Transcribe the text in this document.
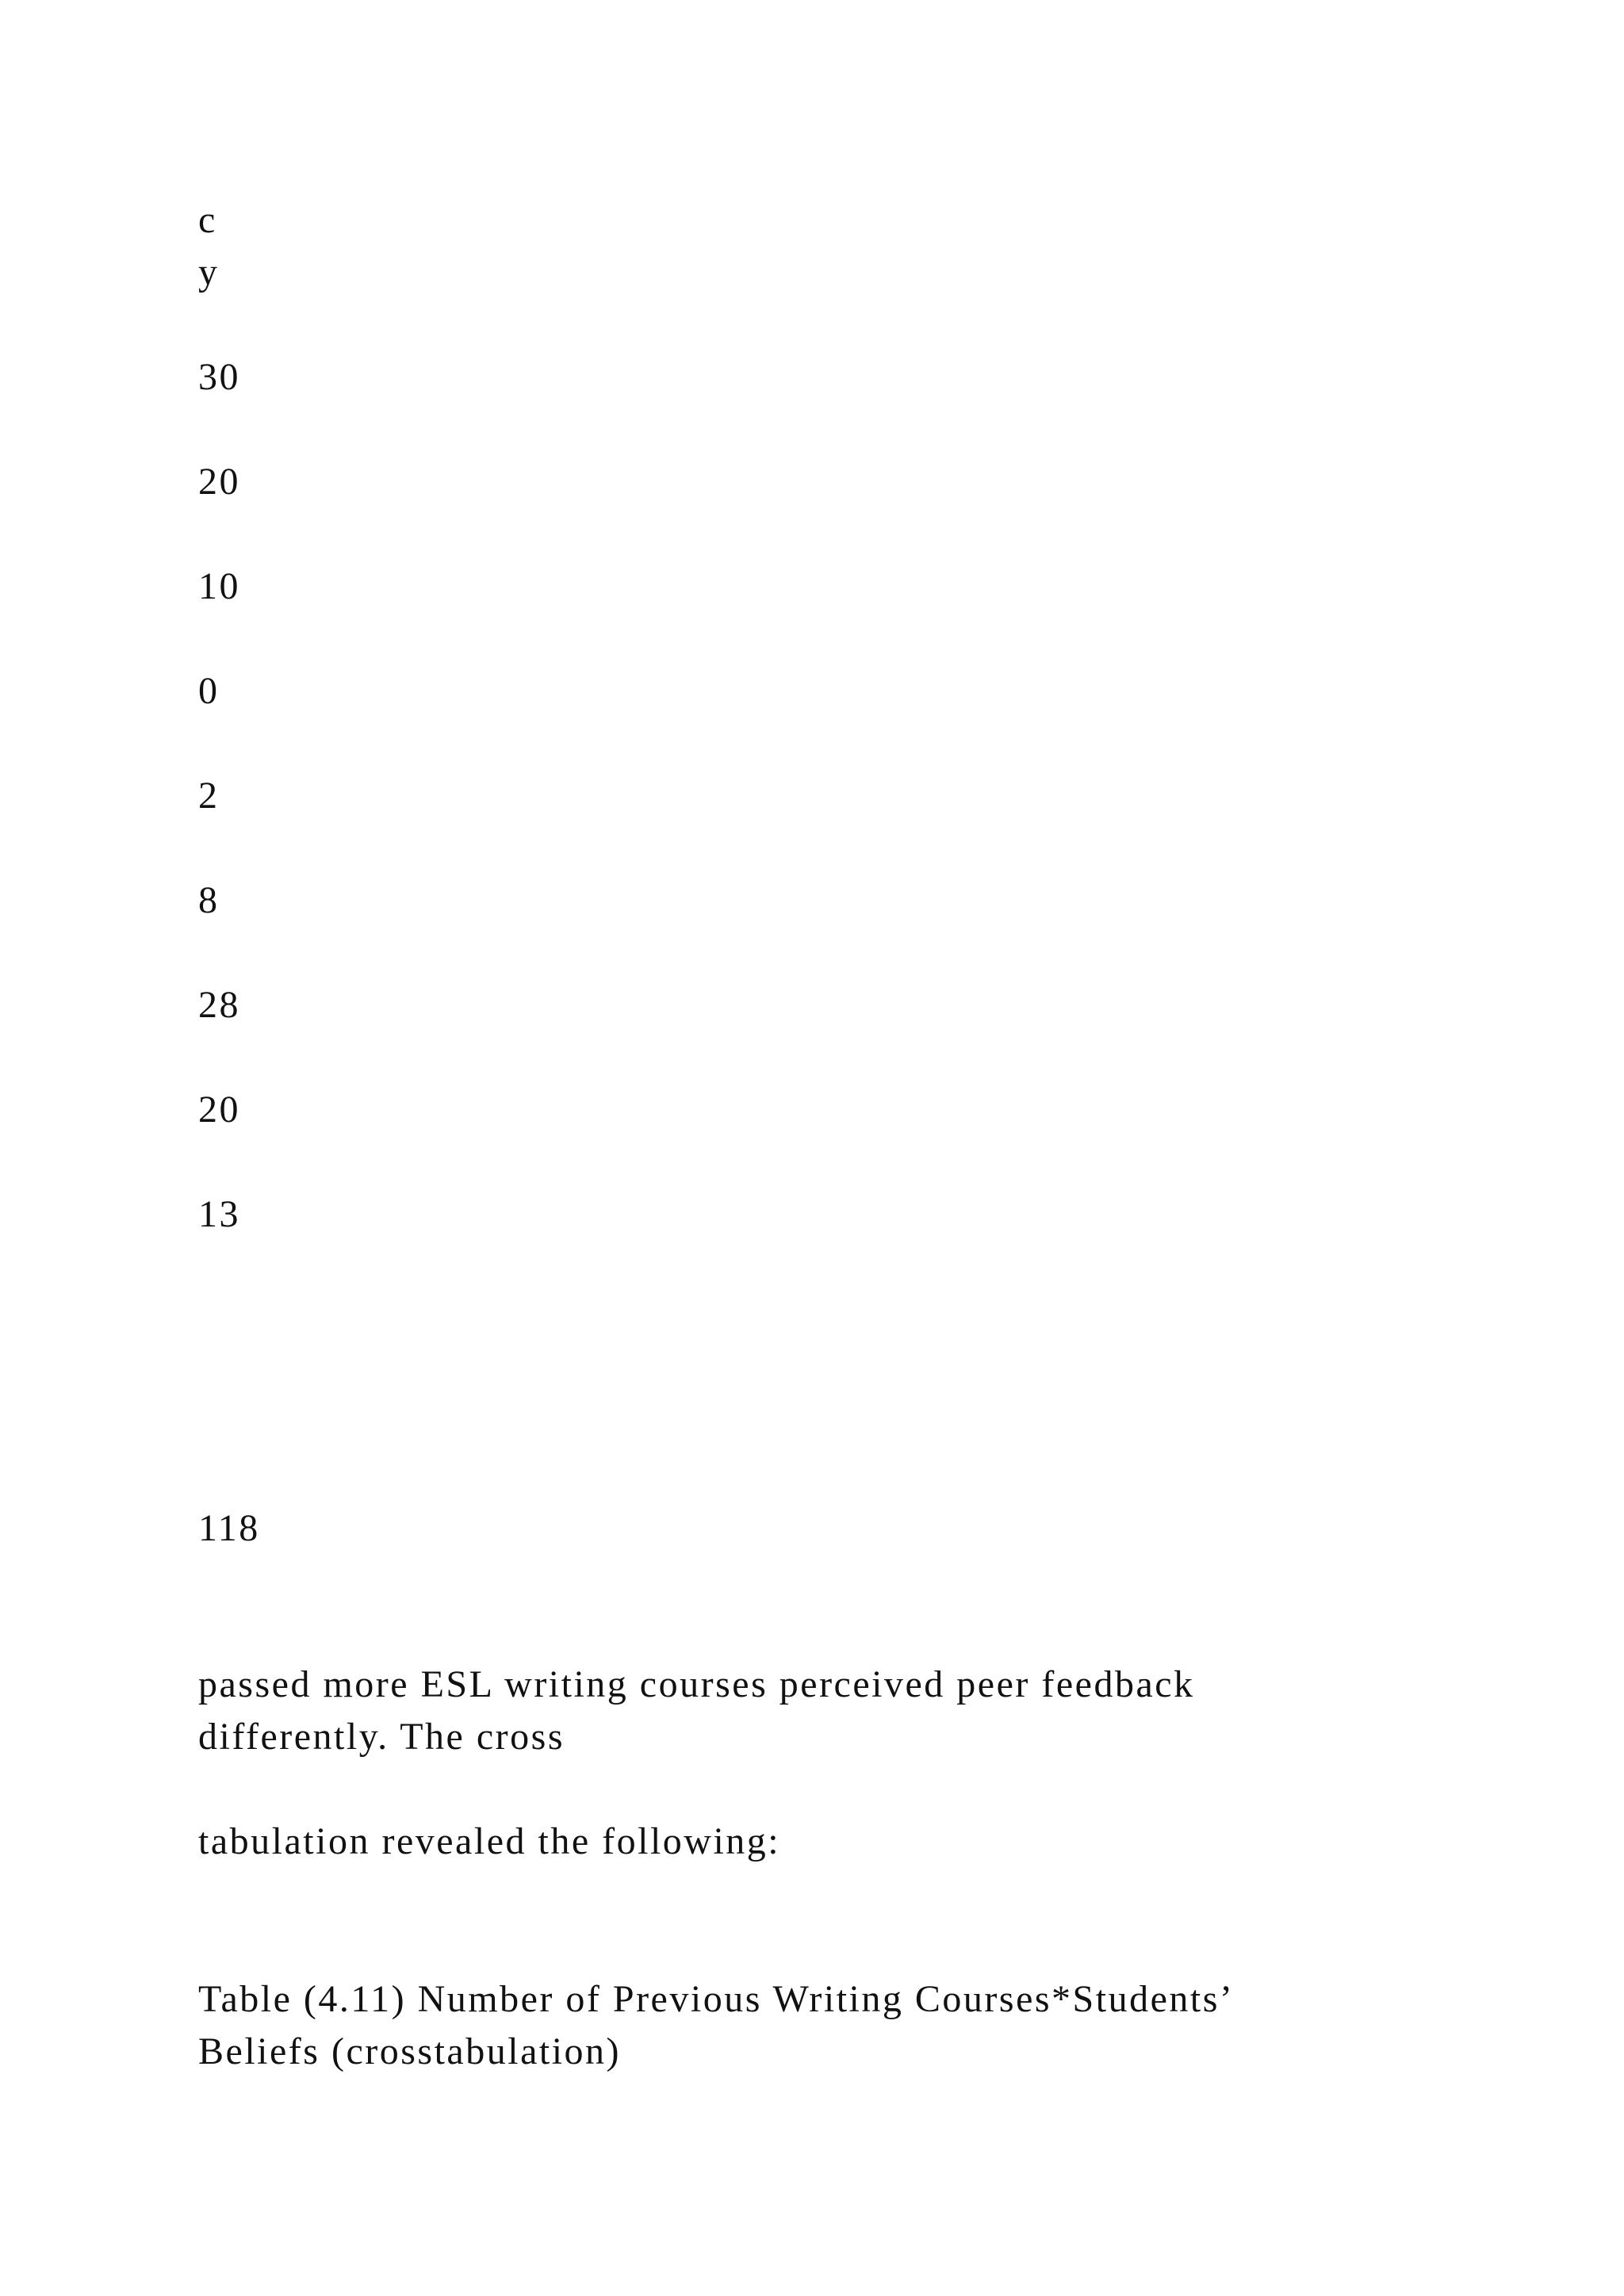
c
y
30
20
10
0
2
8
28
20
13
118
passed more ESL writing courses perceived peer feedback
differently. The cross
tabulation revealed the following:
Table (4.11) Number of Previous Writing Courses*Students’
Beliefs (crosstabulation)
